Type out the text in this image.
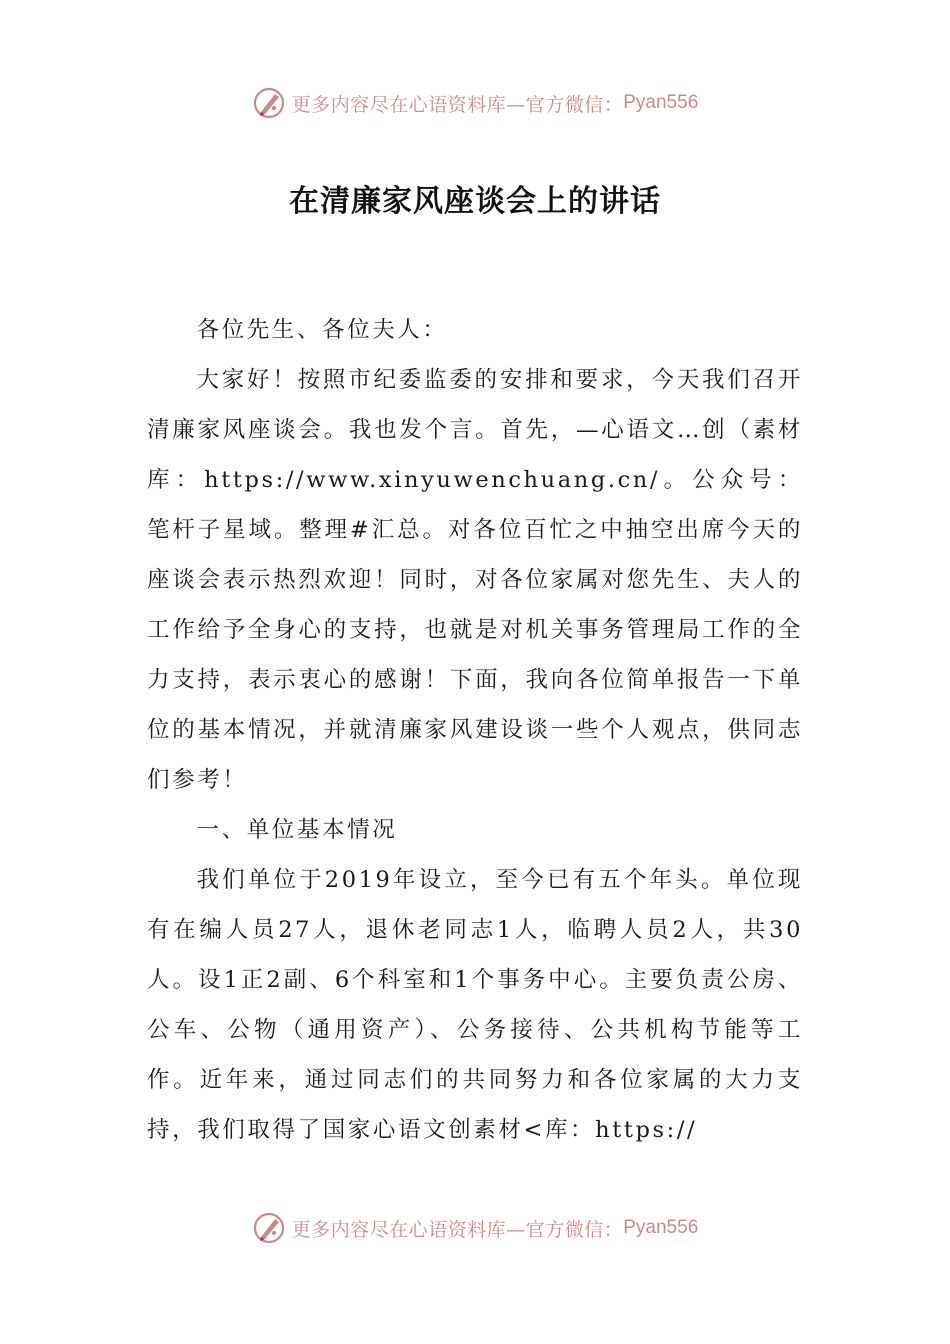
更多内容尽在心语资料库—官方微信： Pyan556
在清廉家风座谈会上的讲话

各位先生、各位夫人：

大家好！按照市纪委监委的安排和要求，今天我们召开清廉家风座谈会。我也发个言。首先，—心语文…创（素材库：https://www.xinyuwenchuang.cn/。公众号：笔杆子星域。整理#汇总。对各位百忙之中抽空出席今天的座谈会表示热烈欢迎！同时，对各位家属对您先生、夫人的工作给予全身心的支持，也就是对机关事务管理局工作的全力支持，表示衷心的感谢！下面，我向各位简单报告一下单位的基本情况，并就清廉家风建设谈一些个人观点，供同志们参考！

一、单位基本情况

我们单位于2019年设立，至今已有五个年头。单位现有在编人员27人，退休老同志1人，临聘人员2人，共30人。设1正2副、6个科室和1个事务中心。主要负责公房、公车、公物（通用资产）、公务接待、公共机构节能等工作。近年来，通过同志们的共同努力和各位家属的大力支持，我们取得了国家心语文创素材<库：https://

更多内容尽在心语资料库—官方微信： Pyan556
